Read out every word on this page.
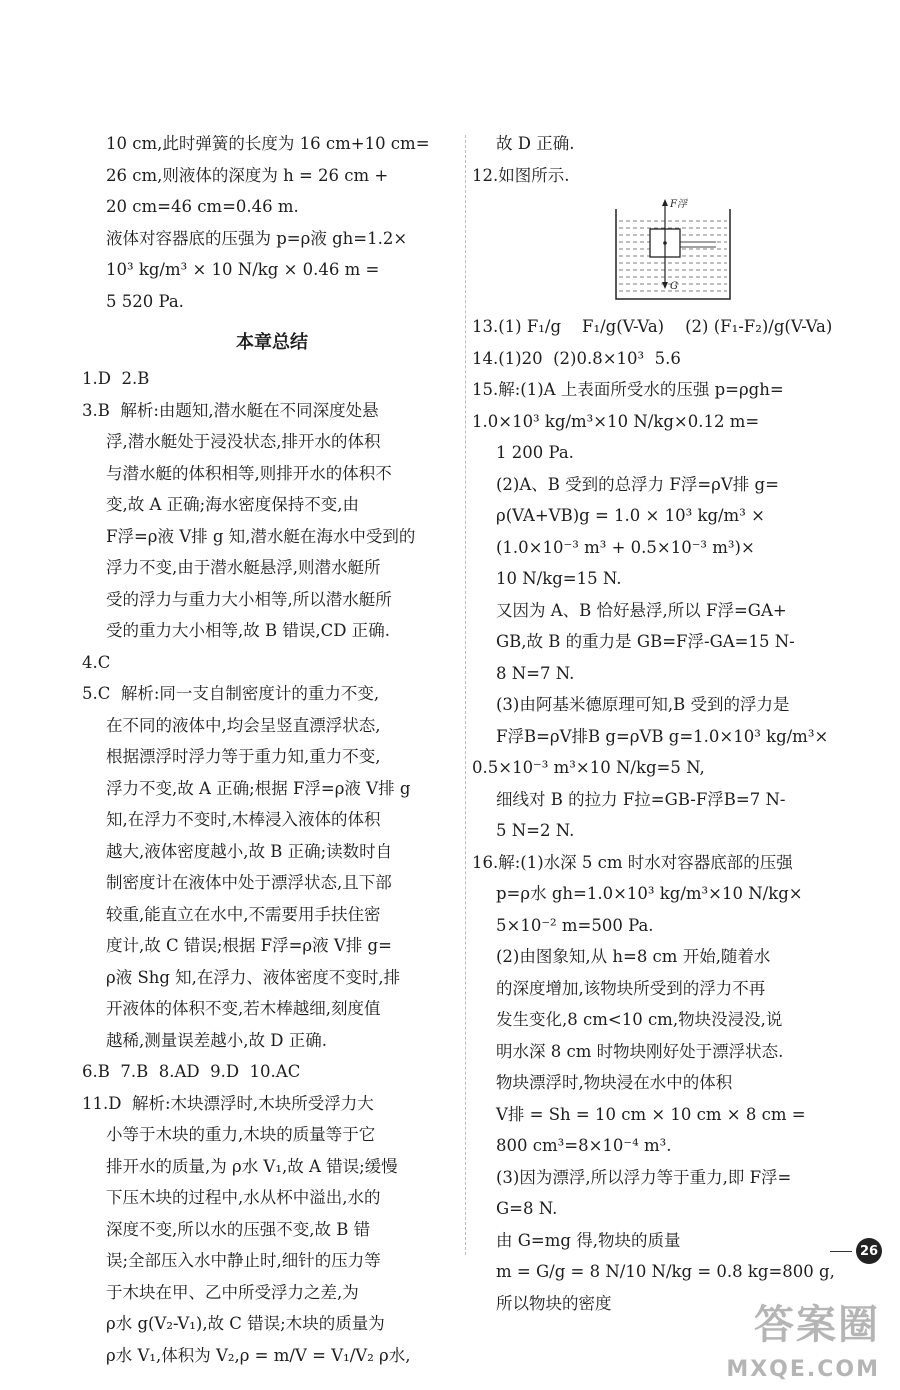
10 cm,此时弹簧的长度为 16 cm+10 cm=
26 cm,则液体的深度为 h = 26 cm +
20 cm=46 cm=0.46 m.
液体对容器底的压强为 p=ρ液 gh=1.2×
10³ kg/m³ × 10 N/kg × 0.46 m =
5 520 Pa.
本章总结
1.D  2.B
3.B  解析:由题知,潜水艇在不同深度处悬
浮,潜水艇处于浸没状态,排开水的体积
与潜水艇的体积相等,则排开水的体积不
变,故 A 正确;海水密度保持不变,由
F浮=ρ液 V排 g 知,潜水艇在海水中受到的
浮力不变,由于潜水艇悬浮,则潜水艇所
受的浮力与重力大小相等,所以潜水艇所
受的重力大小相等,故 B 错误,CD 正确.
4.C
5.C  解析:同一支自制密度计的重力不变,
在不同的液体中,均会呈竖直漂浮状态,
根据漂浮时浮力等于重力知,重力不变,
浮力不变,故 A 正确;根据 F浮=ρ液 V排 g
知,在浮力不变时,木棒浸入液体的体积
越大,液体密度越小,故 B 正确;读数时自
制密度计在液体中处于漂浮状态,且下部
较重,能直立在水中,不需要用手扶住密
度计,故 C 错误;根据 F浮=ρ液 V排 g=
ρ液 Shg 知,在浮力、液体密度不变时,排
开液体的体积不变,若木棒越细,刻度值
越稀,测量误差越小,故 D 正确.
6.B  7.B  8.AD  9.D  10.AC
11.D  解析:木块漂浮时,木块所受浮力大
小等于木块的重力,木块的质量等于它
排开水的质量,为 ρ水 V₁,故 A 错误;缓慢
下压木块的过程中,水从杯中溢出,水的
深度不变,所以水的压强不变,故 B 错
误;全部压入水中静止时,细针的压力等
于木块在甲、乙中所受浮力之差,为
ρ水 g(V₂-V₁),故 C 错误;木块的质量为
ρ水 V₁,体积为 V₂,ρ = m/V = V₁/V₂ ρ水,
故 D 正确.
12.如图所示.
F浮
G
13.(1) F₁/g    F₁/g(V-Va)    (2) (F₁-F₂)/g(V-Va)
14.(1)20  (2)0.8×10³  5.6
15.解:(1)A 上表面所受水的压强 p=ρgh=
1.0×10³ kg/m³×10 N/kg×0.12 m=
1 200 Pa.
(2)A、B 受到的总浮力 F浮=ρV排 g=
ρ(VA+VB)g = 1.0 × 10³ kg/m³ ×
(1.0×10⁻³ m³ + 0.5×10⁻³ m³)×
10 N/kg=15 N.
又因为 A、B 恰好悬浮,所以 F浮=GA+
GB,故 B 的重力是 GB=F浮-GA=15 N-
8 N=7 N.
(3)由阿基米德原理可知,B 受到的浮力是
F浮B=ρV排B g=ρVB g=1.0×10³ kg/m³×
0.5×10⁻³ m³×10 N/kg=5 N,
细线对 B 的拉力 F拉=GB-F浮B=7 N-
5 N=2 N.
16.解:(1)水深 5 cm 时水对容器底部的压强
p=ρ水 gh=1.0×10³ kg/m³×10 N/kg×
5×10⁻² m=500 Pa.
(2)由图象知,从 h=8 cm 开始,随着水
的深度增加,该物块所受到的浮力不再
发生变化,8 cm<10 cm,物块没浸没,说
明水深 8 cm 时物块刚好处于漂浮状态.
物块漂浮时,物块浸在水中的体积
V排 = Sh = 10 cm × 10 cm × 8 cm =
800 cm³=8×10⁻⁴ m³.
(3)因为漂浮,所以浮力等于重力,即 F浮=
G=8 N.
由 G=mg 得,物块的质量
m = G/g = 8 N/10 N/kg = 0.8 kg=800 g,
所以物块的密度
26
答案圈
MXQE.COM
